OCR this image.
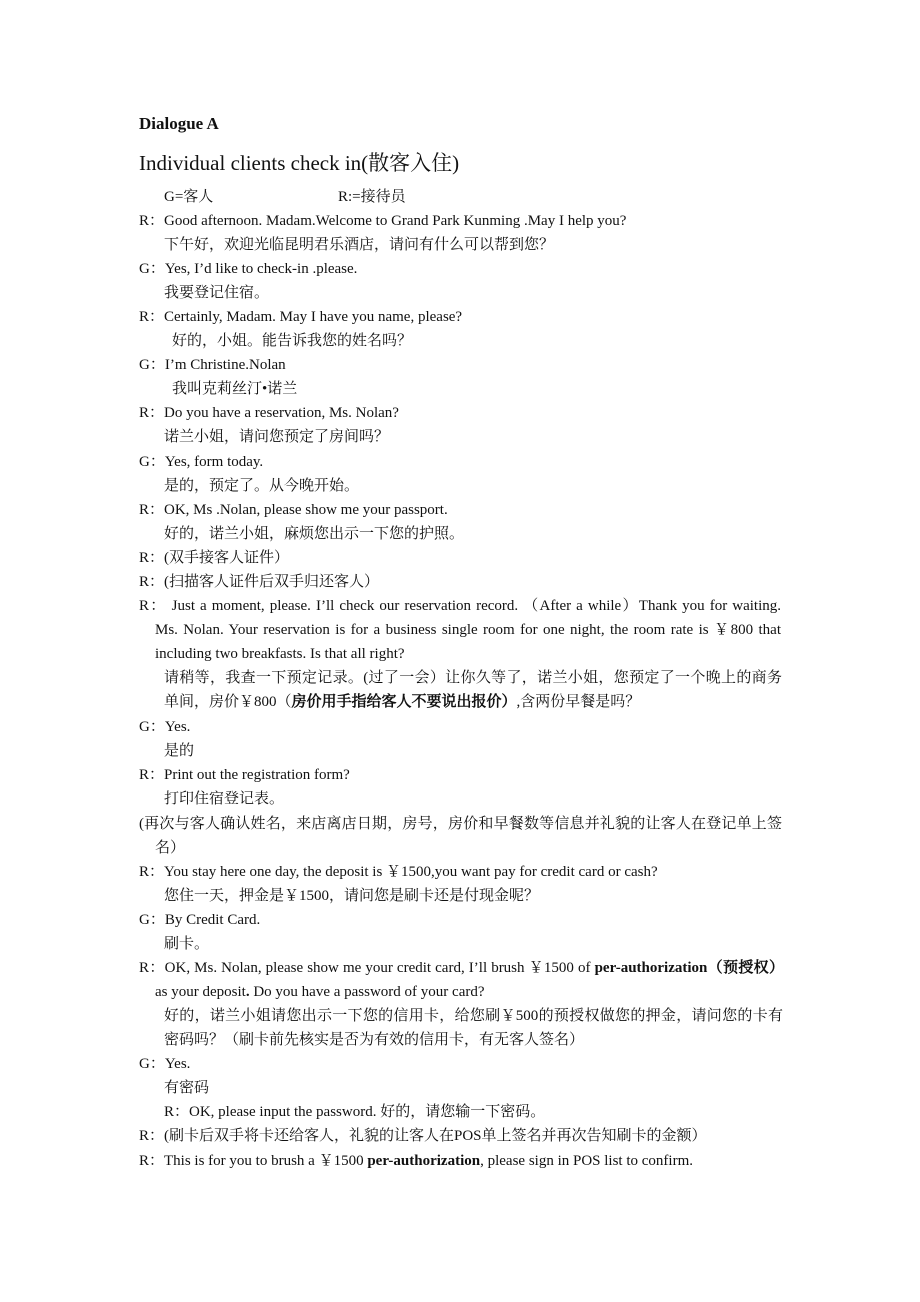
Dialogue A
Individual clients check in(散客入住)
G=客人	R:=接待员
R：Good afternoon. Madam.Welcome to Grand Park Kunming .May I help you?
下午好，欢迎光临昆明君乐酒店，请问有什么可以帮到您？
G：Yes, I’d like to check-in .please.
我要登记住宿。
R：Certainly, Madam. May I have you name, please?
好的，小姐。能告诉我您的姓名吗？
G：I’m Christine.Nolan
我叫克莉丝汀•诺兰
R：Do you have a reservation, Ms. Nolan?
诺兰小姐，请问您预定了房间吗？
G：Yes, form today.
是的，预定了。从今晚开始。
R：OK, Ms .Nolan, please show me your passport.
好的，诺兰小姐，麻烦您出示一下您的护照。
R：(双手接客人证件）
R：(扫描客人证件后双手归还客人）
R： Just a moment, please. I’ll check our reservation record. （After a while）Thank you for waiting.　　　　Ms. Nolan. Your reservation is for a business single room for one night, the room rate is ￥800 that including two breakfasts. Is that all right?
请稍等，我查一下预定记录。(过了一会）让你久等了，诺兰小姐，您预定了一个晚上的商务单间，房价￥800（房价用手指给客人不要说出报价）,含两份早餐是吗？
G：Yes.
是的
R：Print out the registration form?
打印住宿登记表。
(再次与客人确认姓名，来店离店日期，房号，房价和早餐数等信息并礼貌的让客人在登记单上签名）
R：You stay here one day, the deposit is ￥1500,you want pay for credit card or cash?
您住一天，押金是￥1500，请问您是刷卡还是付现金呢？
G：By Credit Card.
刷卡。
R：OK, Ms. Nolan, please show me your credit card, I’ll brush ￥1500 of per-authorization（预授权）as your deposit. Do you have a password of your card?
好的，诺兰小姐请您出示一下您的信用卡，给您刷￥500的预授权做您的押金，请问您的卡有密码吗？（刷卡前先核实是否为有效的信用卡，有无客人签名）
G：Yes.
有密码
R：OK, please input the password. 好的，请您输一下密码。
R：(刷卡后双手将卡还给客人，礼貌的让客人在POS单上签名并再次告知刷卡的金额）
R：This is for you to brush a ￥1500 per-authorization, please sign in POS list to confirm.
